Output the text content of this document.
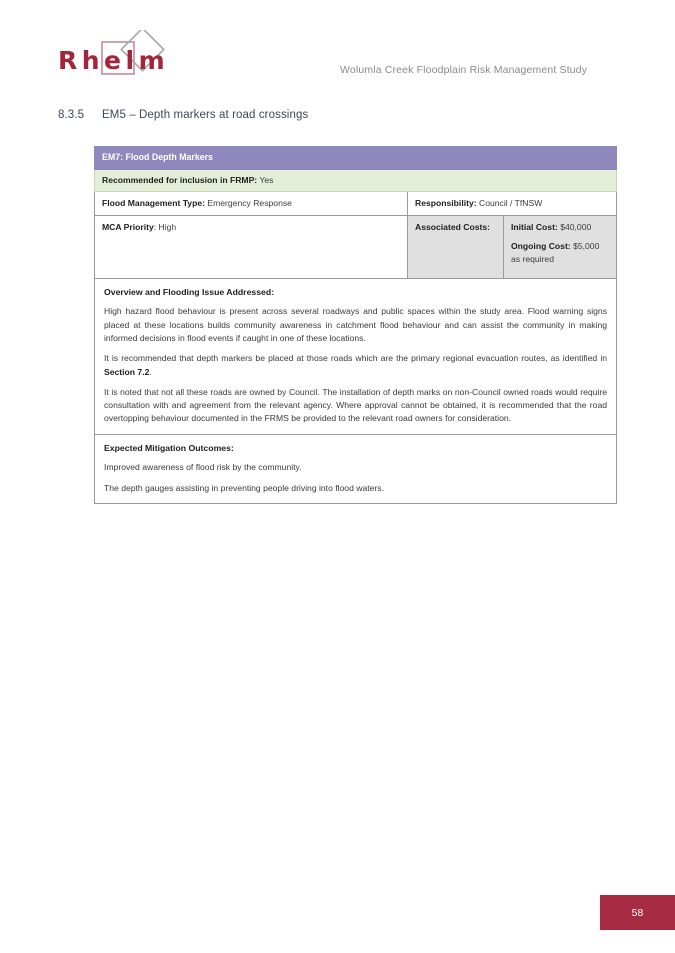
Rhelm	Wolumla Creek Floodplain Risk Management Study
8.3.5 EM5 – Depth markers at road crossings
EM7: Flood Depth Markers		
Recommended for inclusion in FRMP: Yes		
Flood Management Type: Emergency Response	Responsibility: Council / TfNSW	
MCA Priority: High	Associated Costs:	Initial Cost: $40,000

Ongoing Cost: $5,000 as required

Overview and Flooding Issue Addressed:

High hazard flood behaviour is present across several roadways and public spaces within the study area. Flood warning signs placed at these locations builds community awareness in catchment flood behaviour and can assist the community in making informed decisions in flood events if caught in one of these locations.

It is recommended that depth markers be placed at those roads which are the primary regional evacuation routes, as identified in Section 7.2.

It is noted that not all these roads are owned by Council. The installation of depth marks on non-Council owned roads would require consultation with and agreement from the relevant agency. Where approval cannot be obtained, it is recommended that the road overtopping behaviour documented in the FRMS be provided to the relevant road owners for consideration.		

Expected Mitigation Outcomes:

Improved awareness of flood risk by the community.

The depth gauges assisting in preventing people driving into flood waters.		

58
